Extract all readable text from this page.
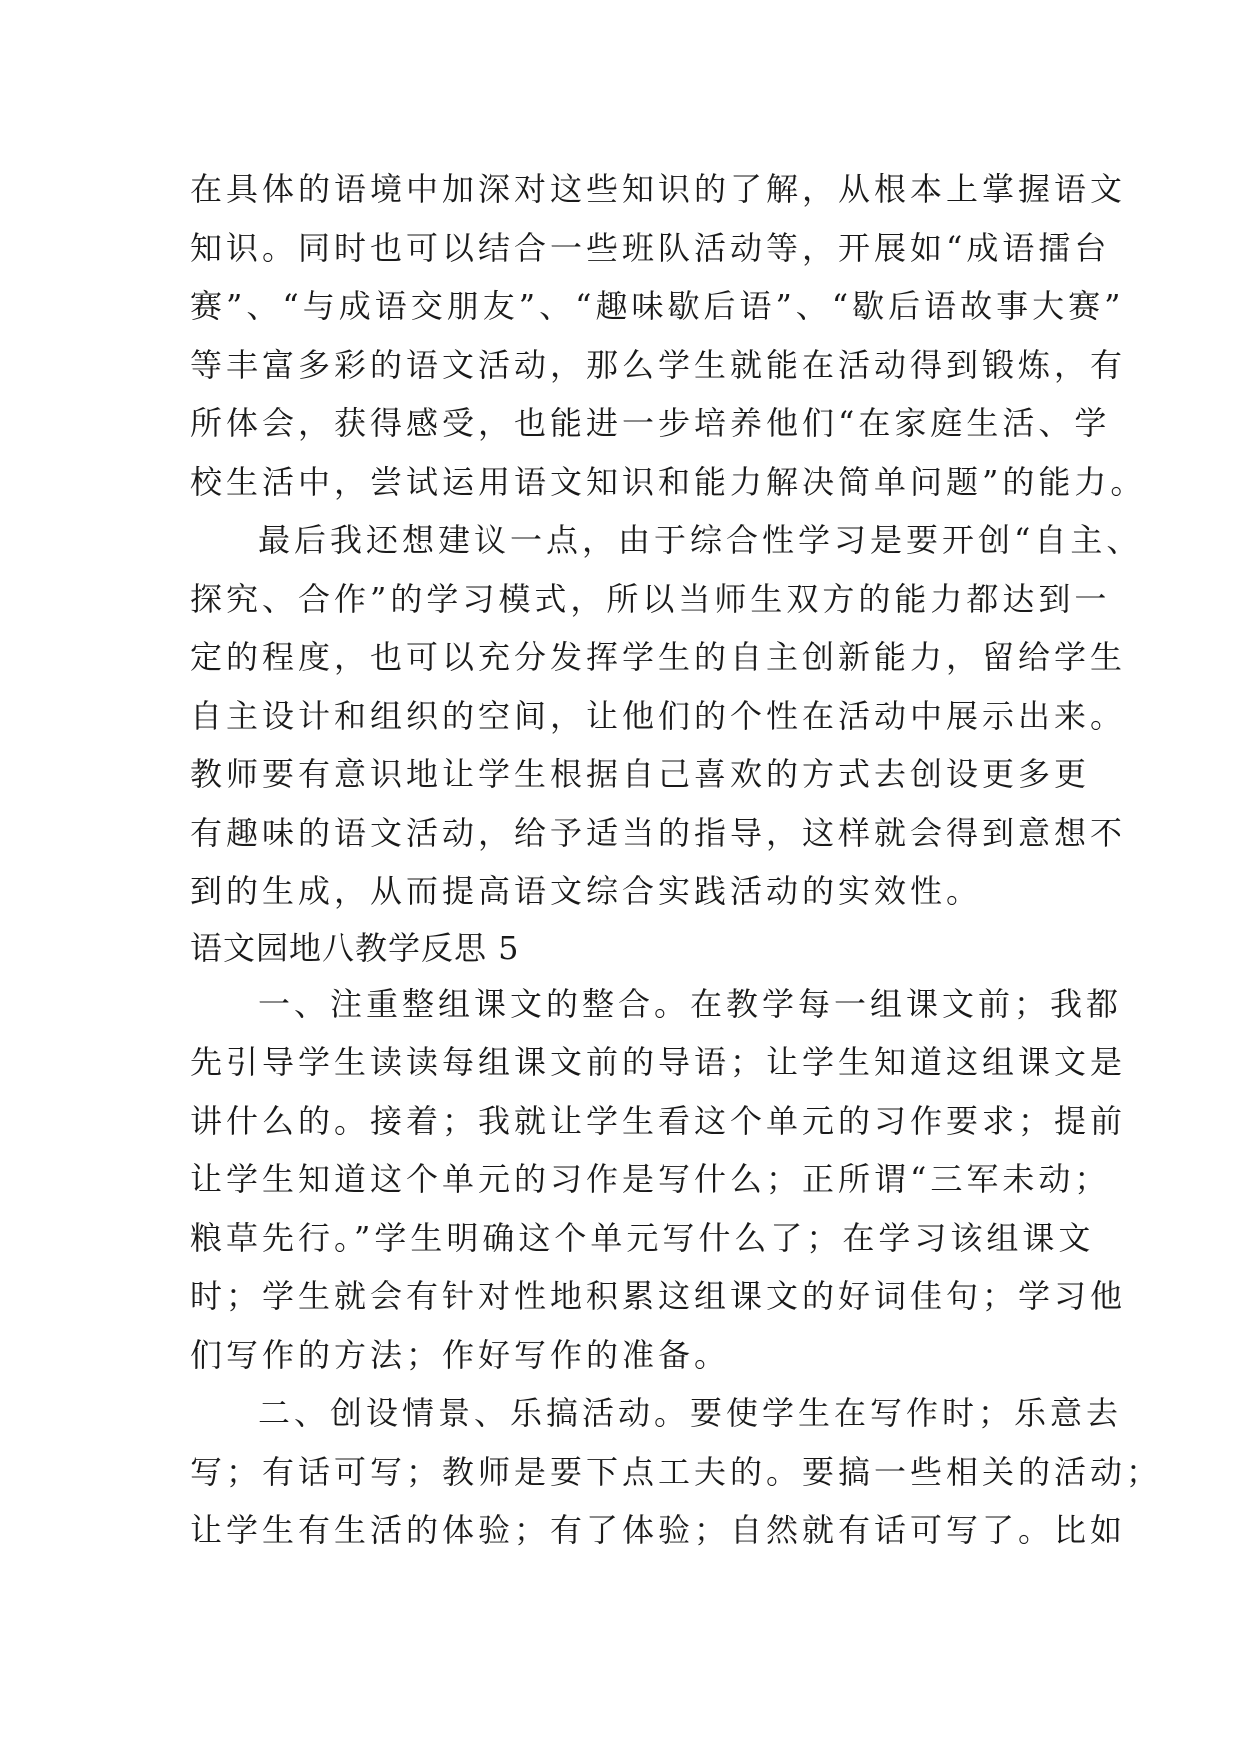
在具体的语境中加深对这些知识的了解，从根本上掌握语文
知识。同时也可以结合一些班队活动等，开展如“成语擂台
赛”、“与成语交朋友”、“趣味歇后语”、“歇后语故事大赛”
等丰富多彩的语文活动，那么学生就能在活动得到锻炼，有
所体会，获得感受，也能进一步培养他们“在家庭生活、学
校生活中，尝试运用语文知识和能力解决简单问题”的能力。
最后我还想建议一点，由于综合性学习是要开创“自主、
探究、合作”的学习模式，所以当师生双方的能力都达到一
定的程度，也可以充分发挥学生的自主创新能力，留给学生
自主设计和组织的空间，让他们的个性在活动中展示出来。
教师要有意识地让学生根据自己喜欢的方式去创设更多更
有趣味的语文活动，给予适当的指导，这样就会得到意想不
到的生成，从而提高语文综合实践活动的实效性。
语文园地八教学反思 5
一、注重整组课文的整合。在教学每一组课文前；我都
先引导学生读读每组课文前的导语；让学生知道这组课文是
讲什么的。接着；我就让学生看这个单元的习作要求；提前
让学生知道这个单元的习作是写什么；正所谓“三军未动；
粮草先行。”学生明确这个单元写什么了；在学习该组课文
时；学生就会有针对性地积累这组课文的好词佳句；学习他
们写作的方法；作好写作的准备。
二、创设情景、乐搞活动。要使学生在写作时；乐意去
写；有话可写；教师是要下点工夫的。要搞一些相关的活动；
让学生有生活的体验；有了体验；自然就有话可写了。比如
